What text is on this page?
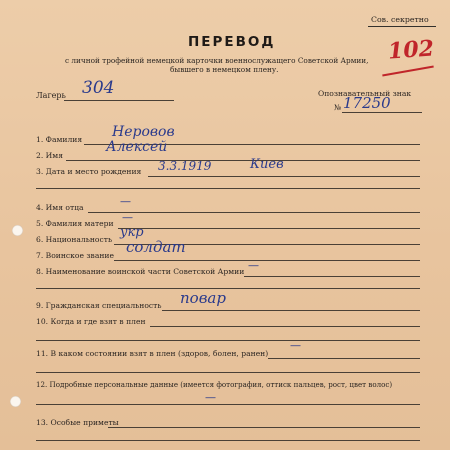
Сов. секретно
ПЕРЕВОД
с личной трофейной немецкой карточки военнослужащего Советской Армии,
бывшего в немецком плену.
102
Лагерь 304	Опознавательный знак
№ 17250
1. Фамилия Неровов
2. Имя
Алексей
3. Дата и место рождения 3.3.1919	Киев
4. Имя отца	—
5. Фамилия матери —
6. Национальность укр
7. Воинское звание солдат
8. Наименование воинской части Советской Армии —
9. Гражданская специальность повар
10. Когда и где взят в плен
11. В каком состоянии взят в плен (здоров, болен, ранен)
—
12. Подробные персональные данные (имеется фотография, оттиск пальцев, рост, цвет волос)
—
13. Особые приметы
